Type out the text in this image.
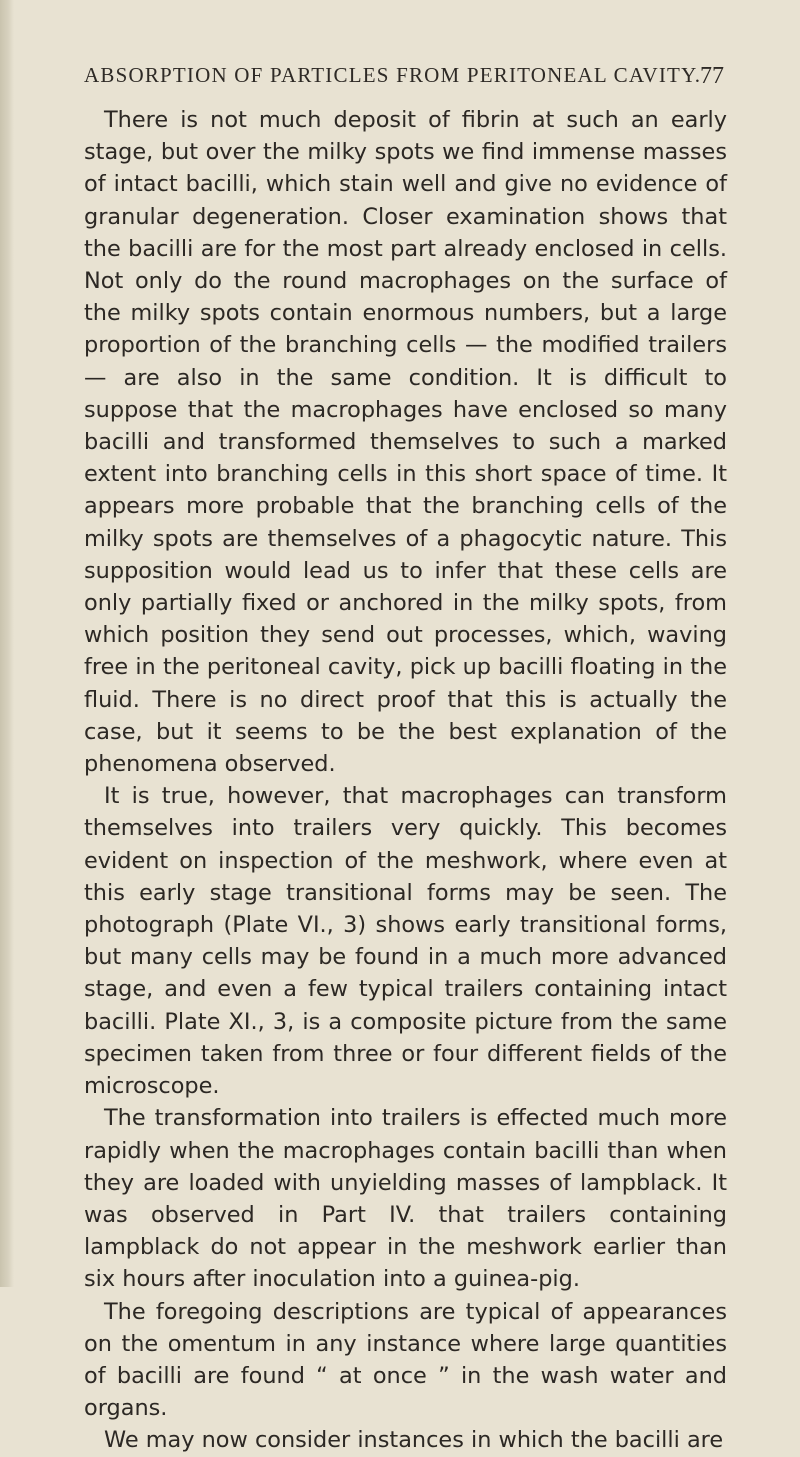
ABSORPTION OF PARTICLES FROM PERITONEAL CAVITY.
77

There is not much deposit of fibrin at such an early stage, but over the milky spots we find immense masses of intact bacilli, which stain well and give no evidence of granular degeneration. Closer examination shows that the bacilli are for the most part already enclosed in cells. Not only do the round macrophages on the surface of the milky spots contain enormous numbers, but a large proportion of the branching cells — the modified trailers — are also in the same condition. It is difficult to suppose that the macrophages have enclosed so many bacilli and transformed themselves to such a marked extent into branching cells in this short space of time. It appears more probable that the branching cells of the milky spots are themselves of a phagocytic nature. This supposition would lead us to infer that these cells are only partially fixed or anchored in the milky spots, from which position they send out processes, which, waving free in the peritoneal cavity, pick up bacilli floating in the fluid. There is no direct proof that this is actually the case, but it seems to be the best explanation of the phenomena observed.

It is true, however, that macrophages can transform themselves into trailers very quickly. This becomes evident on inspection of the meshwork, where even at this early stage transitional forms may be seen. The photograph (Plate VI., 3) shows early transitional forms, but many cells may be found in a much more advanced stage, and even a few typical trailers containing intact bacilli. Plate XI., 3, is a composite picture from the same specimen taken from three or four different fields of the microscope.

The transformation into trailers is effected much more rapidly when the macrophages contain bacilli than when they are loaded with unyielding masses of lampblack. It was observed in Part IV. that trailers containing lampblack do not appear in the meshwork earlier than six hours after inoculation into a guinea-pig.

The foregoing descriptions are typical of appearances on the omentum in any instance where large quantities of bacilli are found “ at once ” in the wash water and organs.

We may now consider instances in which the bacilli are
